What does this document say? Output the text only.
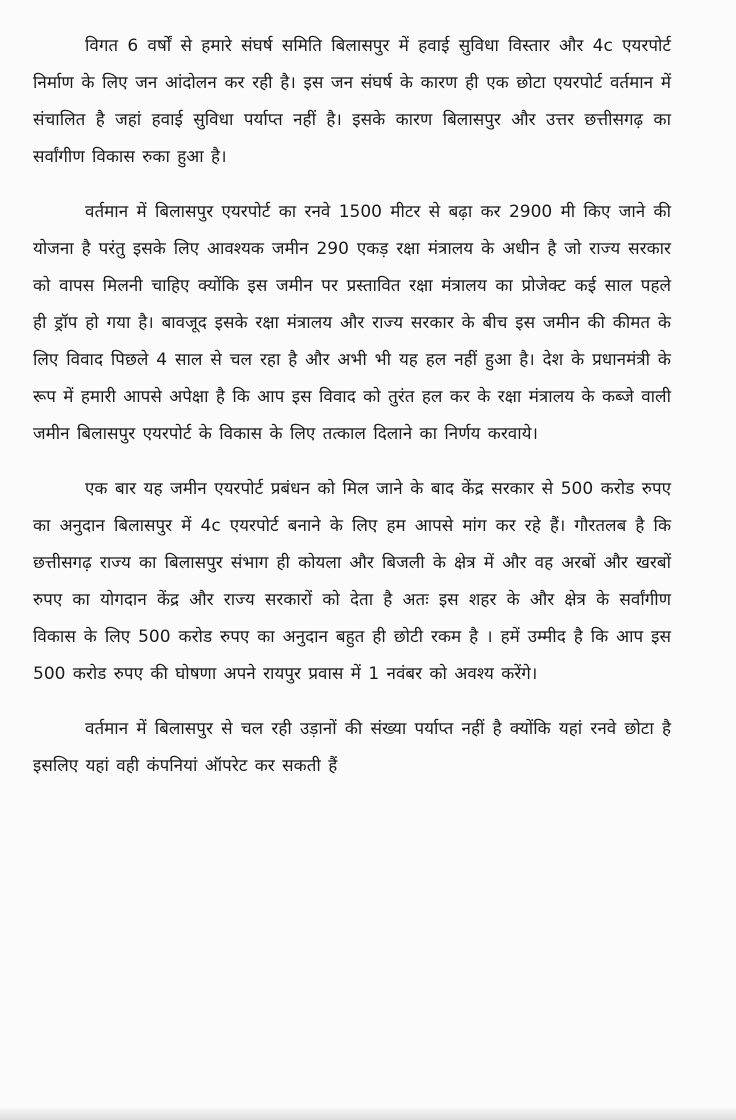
विगत 6 वर्षों से हमारे संघर्ष समिति बिलासपुर में हवाई सुविधा विस्तार और 4c एयरपोर्ट निर्माण के लिए जन आंदोलन कर रही है। इस जन संघर्ष के कारण ही एक छोटा एयरपोर्ट वर्तमान में संचालित है जहां हवाई सुविधा पर्याप्त नहीं है। इसके कारण बिलासपुर और उत्तर छत्तीसगढ़ का सर्वांगीण विकास रुका हुआ है।

वर्तमान में बिलासपुर एयरपोर्ट का रनवे 1500 मीटर से बढ़ा कर 2900 मी किए जाने की योजना है परंतु इसके लिए आवश्यक जमीन 290 एकड़ रक्षा मंत्रालय के अधीन है जो राज्य सरकार को वापस मिलनी चाहिए क्योंकि इस जमीन पर प्रस्तावित रक्षा मंत्रालय का प्रोजेक्ट कई साल पहले ही ड्रॉप हो गया है। बावजूद इसके रक्षा मंत्रालय और राज्य सरकार के बीच इस जमीन की कीमत के लिए विवाद पिछले 4 साल से चल रहा है और अभी भी यह हल नहीं हुआ है। देश के प्रधानमंत्री के रूप में हमारी आपसे अपेक्षा है कि आप इस विवाद को तुरंत हल कर के रक्षा मंत्रालय के कब्जे वाली जमीन बिलासपुर एयरपोर्ट के विकास के लिए तत्काल दिलाने का निर्णय करवाये।

एक बार यह जमीन एयरपोर्ट प्रबंधन को मिल जाने के बाद केंद्र सरकार से 500 करोड रुपए का अनुदान बिलासपुर में 4c एयरपोर्ट बनाने के लिए हम आपसे मांग कर रहे हैं। गौरतलब है कि छत्तीसगढ़ राज्य का बिलासपुर संभाग ही कोयला और बिजली के क्षेत्र में और वह अरबों और खरबों रुपए का योगदान केंद्र और राज्य सरकारों को देता है अतः इस शहर के और क्षेत्र के सर्वांगीण विकास के लिए 500 करोड रुपए का अनुदान बहुत ही छोटी रकम है । हमें उम्मीद है कि आप इस 500 करोड रुपए की घोषणा अपने रायपुर प्रवास में 1 नवंबर को अवश्य करेंगे।

वर्तमान में बिलासपुर से चल रही उड़ानों की संख्या पर्याप्त नहीं है क्योंकि यहां रनवे छोटा है इसलिए यहां वही कंपनियां ऑपरेट कर सकती हैं
